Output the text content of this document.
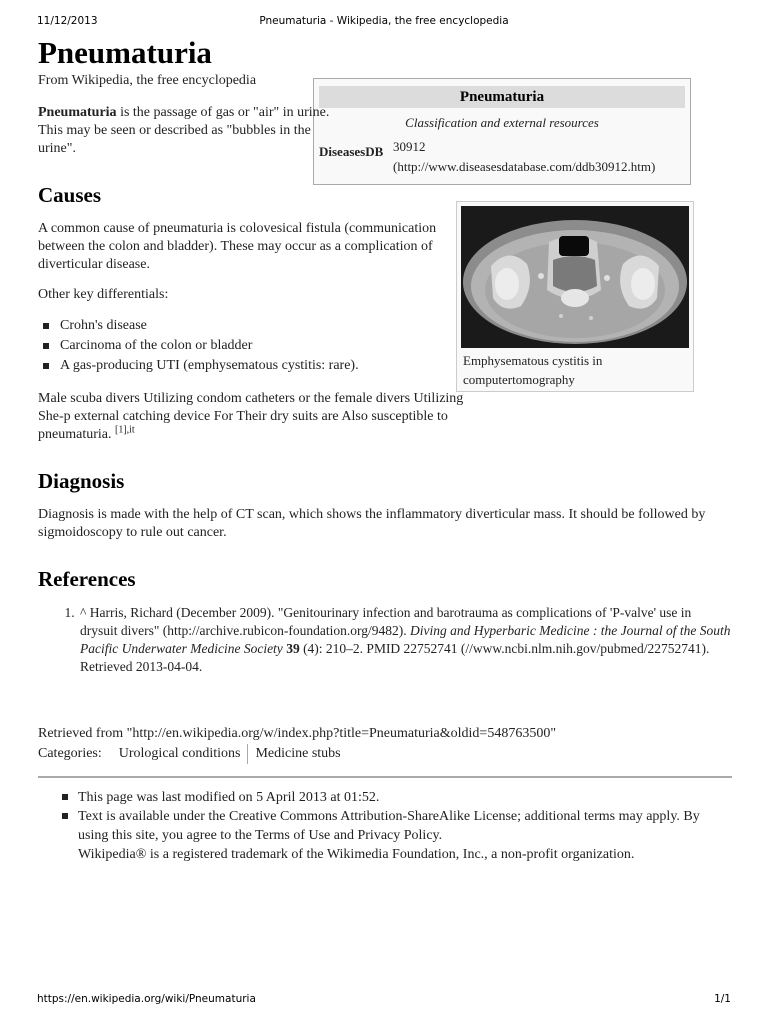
11/12/2013	Pneumaturia - Wikipedia, the free encyclopedia
Pneumaturia
Classification and external resources
DiseasesDB 30912
(http://www.diseasesdatabase.com/ddb30912.htm)
Emphysematous cystitis in computertomography
Pneumaturia
From Wikipedia, the free encyclopedia

Pneumaturia is the passage of gas or "air" in urine. This may be seen or described as "bubbles in the urine".

Causes

A common cause of pneumaturia is colovesical fistula (communication between the colon and bladder). These may occur as a complication of diverticular disease.

Other key differentials:

Crohn's disease
Carcinoma of the colon or bladder
A gas-producing UTI (emphysematous cystitis: rare).

Male scuba divers Utilizing condom catheters or the female divers Utilizing She-p external catching device For Their dry suits are Also susceptible to pneumaturia. $^{[1],it}$

Diagnosis

Diagnosis is made with the help of CT scan, which shows the inflammatory diverticular mass. It should be followed by sigmoidoscopy to rule out cancer.

References
1. ^ Harris, Richard (December 2009). "Genitourinary infection and barotrauma as complications of 'P-valve' use in drysuit divers" (http://archive.rubicon-foundation.org/9482). Diving and Hyperbaric Medicine : the Journal of the South Pacific Underwater Medicine Society 39 (4): 210–2. PMID 22752741 (//www.ncbi.nlm.nih.gov/pubmed/22752741). Retrieved 2013-04-04.
Retrieved from "http://en.wikipedia.org/w/index.php?title=Pneumaturia&oldid=548763500"
Categories:	Urological conditions	Medicine stubs
This page was last modified on 5 April 2013 at 01:52.
Text is available under the Creative Commons Attribution-ShareAlike License; additional terms may apply. By using this site, you agree to the Terms of Use and Privacy Policy.
Wikipedia® is a registered trademark of the Wikimedia Foundation, Inc., a non-profit organization.
https://en.wikipedia.org/wiki/Pneumaturia	1/1
